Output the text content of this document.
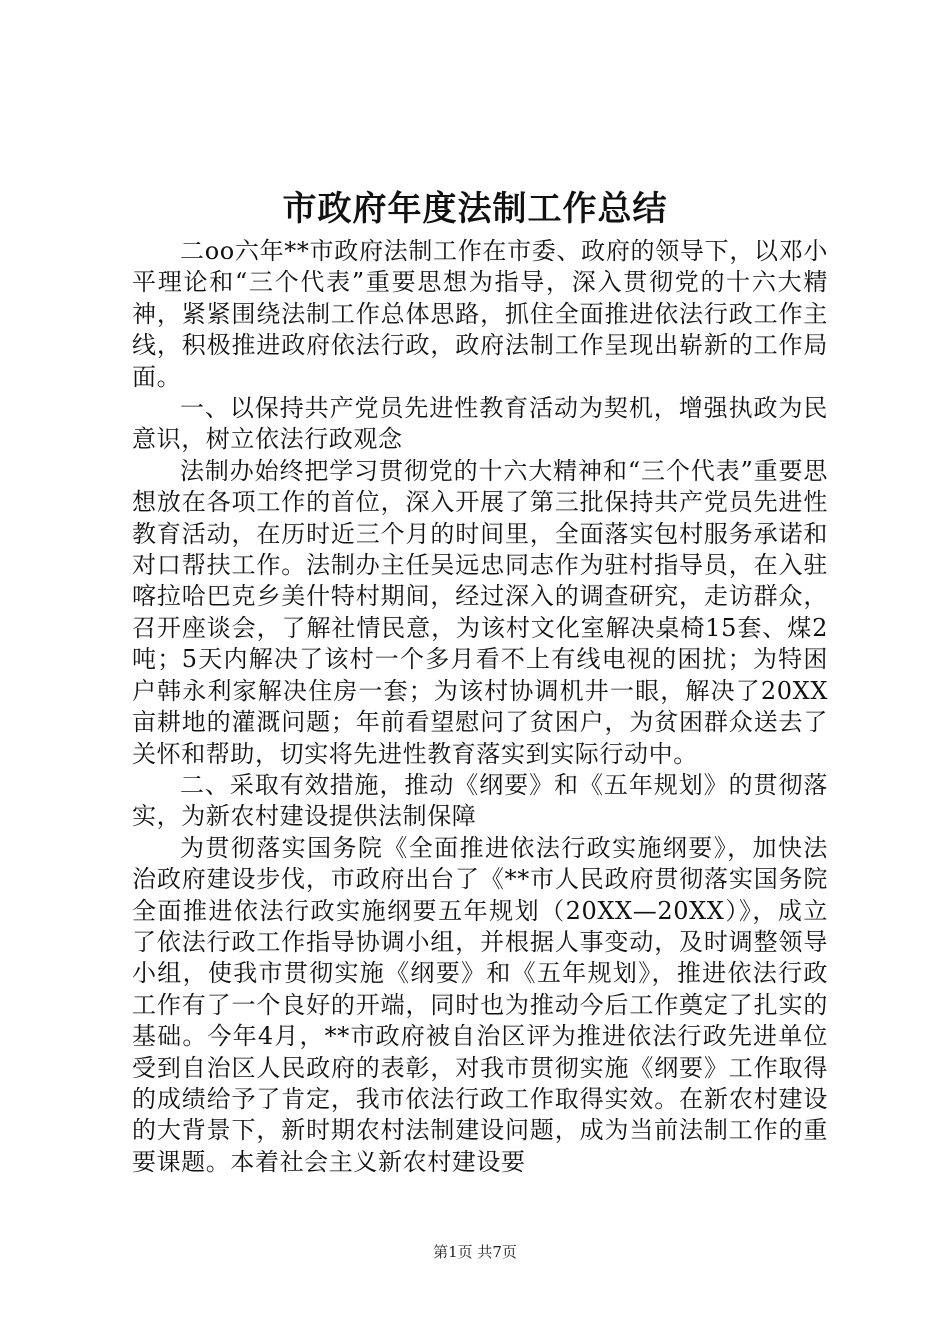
市政府年度法制工作总结

二oo六年**市政府法制工作在市委、政府的领导下，以邓小平理论和“三个代表”重要思想为指导，深入贯彻党的十六大精神，紧紧围绕法制工作总体思路，抓住全面推进依法行政工作主线，积极推进政府依法行政，政府法制工作呈现出崭新的工作局面。

一、以保持共产党员先进性教育活动为契机，增强执政为民意识，树立依法行政观念

法制办始终把学习贯彻党的十六大精神和“三个代表”重要思想放在各项工作的首位，深入开展了第三批保持共产党员先进性教育活动，在历时近三个月的时间里，全面落实包村服务承诺和对口帮扶工作。法制办主任吴远忠同志作为驻村指导员，在入驻喀拉哈巴克乡美什特村期间，经过深入的调查研究，走访群众，召开座谈会，了解社情民意，为该村文化室解决桌椅15套、煤2吨；5天内解决了该村一个多月看不上有线电视的困扰；为特困户韩永利家解决住房一套；为该村协调机井一眼，解决了20XX亩耕地的灌溉问题；年前看望慰问了贫困户，为贫困群众送去了关怀和帮助，切实将先进性教育落实到实际行动中。

二、采取有效措施，推动《纲要》和《五年规划》的贯彻落实，为新农村建设提供法制保障

为贯彻落实国务院《全面推进依法行政实施纲要》，加快法治政府建设步伐，市政府出台了《**市人民政府贯彻落实国务院全面推进依法行政实施纲要五年规划（20XX—20XX）》，成立了依法行政工作指导协调小组，并根据人事变动，及时调整领导小组，使我市贯彻实施《纲要》和《五年规划》，推进依法行政工作有了一个良好的开端，同时也为推动今后工作奠定了扎实的基础。今年4月，**市政府被自治区评为推进依法行政先进单位受到自治区人民政府的表彰，对我市贯彻实施《纲要》工作取得的成绩给予了肯定，我市依法行政工作取得实效。在新农村建设的大背景下，新时期农村法制建设问题，成为当前法制工作的重要课题。本着社会主义新农村建设要

第1页 共7页
